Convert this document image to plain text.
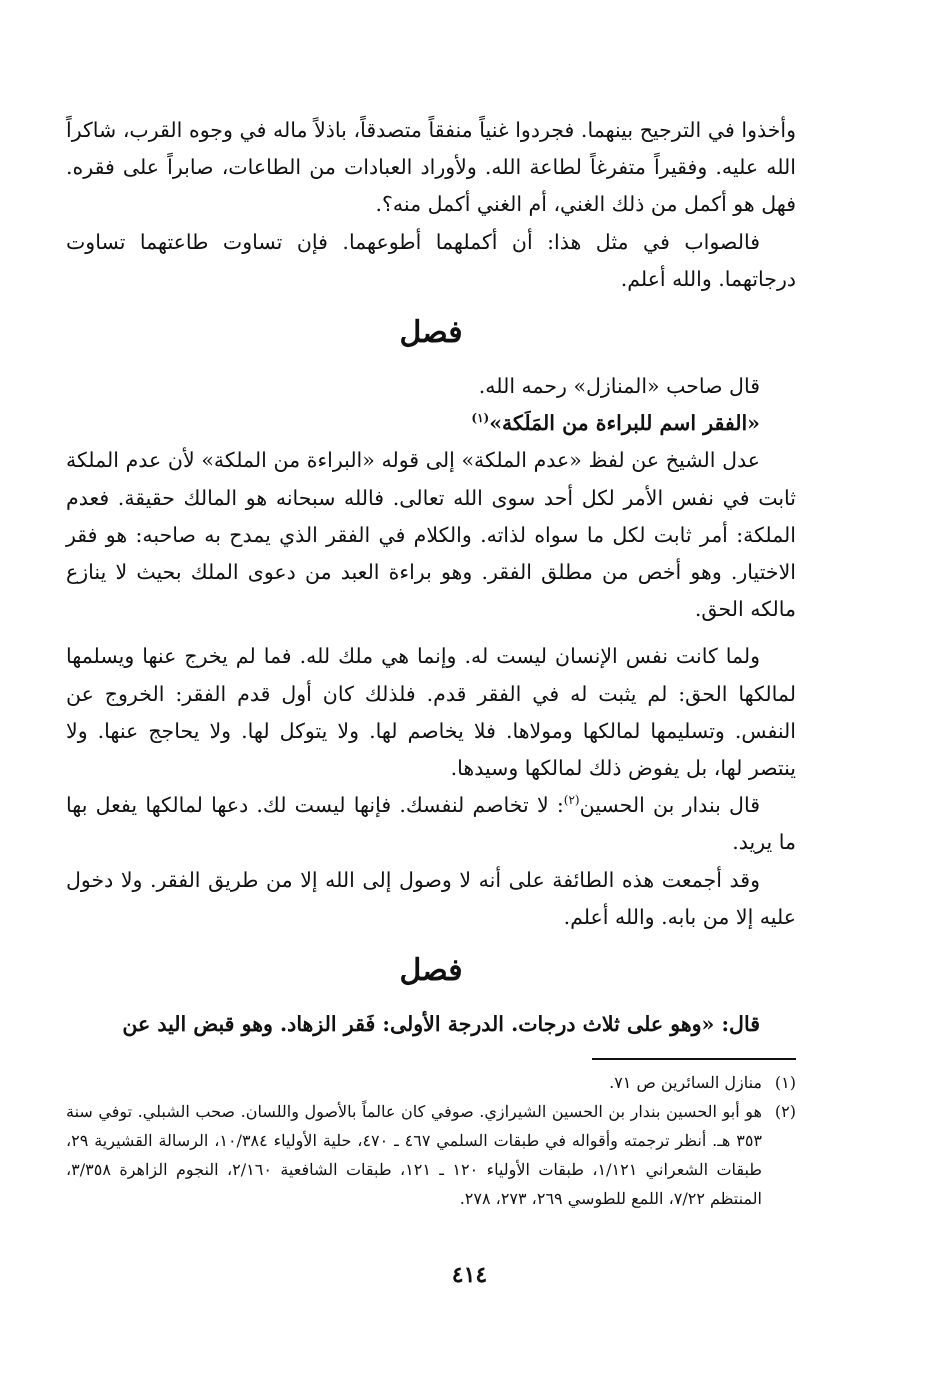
وأخذوا في الترجيح بينهما. فجردوا غنياً منفقاً متصدقاً، باذلاً ماله في وجوه القرب، شاكراً الله عليه. وفقيراً متفرغاً لطاعة الله. ولأوراد العبادات من الطاعات، صابراً على فقره. فهل هو أكمل من ذلك الغني، أم الغني أكمل منه؟.

فالصواب في مثل هذا: أن أكملهما أطوعهما. فإن تساوت طاعتهما تساوت درجاتهما. والله أعلم.

فصل

قال صاحب «المنازل» رحمه الله.

«الفقر اسم للبراءة من المَلَكة»$^{(١)}$

عدل الشيخ عن لفظ «عدم الملكة» إلى قوله «البراءة من الملكة» لأن عدم الملكة ثابت في نفس الأمر لكل أحد سوى الله تعالى. فالله سبحانه هو المالك حقيقة. فعدم الملكة: أمر ثابت لكل ما سواه لذاته. والكلام في الفقر الذي يمدح به صاحبه: هو فقر الاختيار. وهو أخص من مطلق الفقر. وهو براءة العبد من دعوى الملك بحيث لا ينازع مالكه الحق.

ولما كانت نفس الإنسان ليست له. وإنما هي ملك لله. فما لم يخرج عنها ويسلمها لمالكها الحق: لم يثبت له في الفقر قدم. فلذلك كان أول قدم الفقر: الخروج عن النفس. وتسليمها لمالكها ومولاها. فلا يخاصم لها. ولا يتوكل لها. ولا يحاجج عنها. ولا ينتصر لها، بل يفوض ذلك لمالكها وسيدها.

قال بندار بن الحسين$^{(٢)}$: لا تخاصم لنفسك. فإنها ليست لك. دعها لمالكها يفعل بها ما يريد.

وقد أجمعت هذه الطائفة على أنه لا وصول إلى الله إلا من طريق الفقر. ولا دخول عليه إلا من بابه. والله أعلم.

فصل

قال: «وهو على ثلاث درجات. الدرجة الأولى: فَقر الزهاد. وهو قبض اليد عن

(١)
منازل السائرين ص ٧١.
(٢)
هو أبو الحسين بندار بن الحسين الشيرازي. صوفي كان عالماً بالأصول واللسان. صحب الشبلي. توفي سنة ٣٥٣ هـ. أنظر ترجمته وأقواله في طبقات السلمي ٤٦٧ ـ ٤٧٠، حلية الأولياء ١٠/٣٨٤، الرسالة القشيرية ٢٩، طبقات الشعراني ١/١٢١، طبقات الأولياء ١٢٠ ـ ١٢١، طبقات الشافعية ٢/١٦٠، النجوم الزاهرة ٣/٣٥٨، المنتظم ٧/٢٢، اللمع للطوسي ٢٦٩، ٢٧٣، ٢٧٨.
٤١٤
